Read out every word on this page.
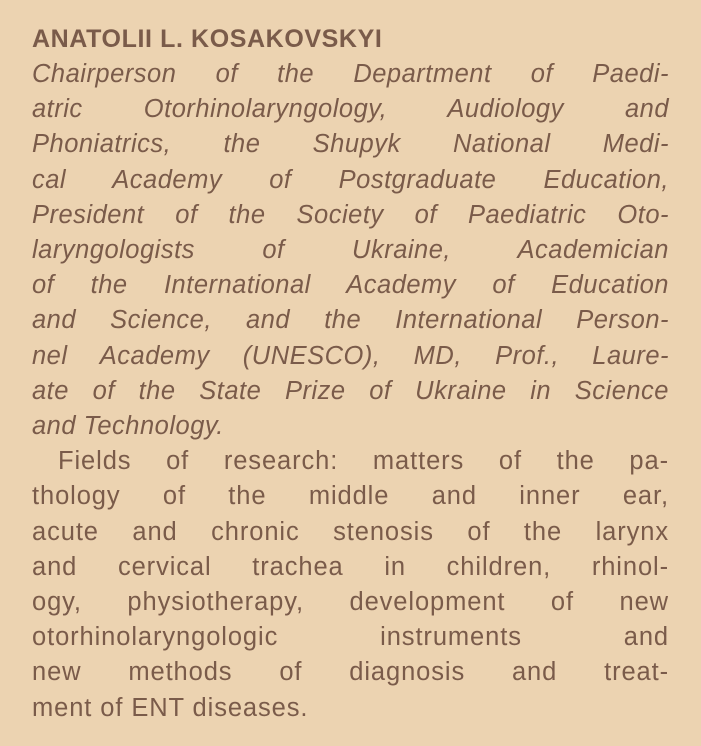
ANATOLII L. KOSAKOVSKYI
Chairperson of the Department of Paedi-
atric Otorhinolaryngology, Audiology and
Phoniatrics, the Shupyk National Medi-
cal Academy of Postgraduate Education,
President of the Society of Paediatric Oto-
laryngologists of Ukraine, Academician
of the International Academy of Education
and Science, and the International Person-
nel Academy (UNESCO), MD, Prof., Laure-
ate of the State Prize of Ukraine in Science
and Technology.
Fields of research: matters of the pa-
thology of the middle and inner ear,
acute and chronic stenosis of the larynx
and cervical trachea in children, rhinol-
ogy, physiotherapy, development of new
otorhinolaryngologic instruments and
new methods of diagnosis and treat-
ment of ENT diseases.
